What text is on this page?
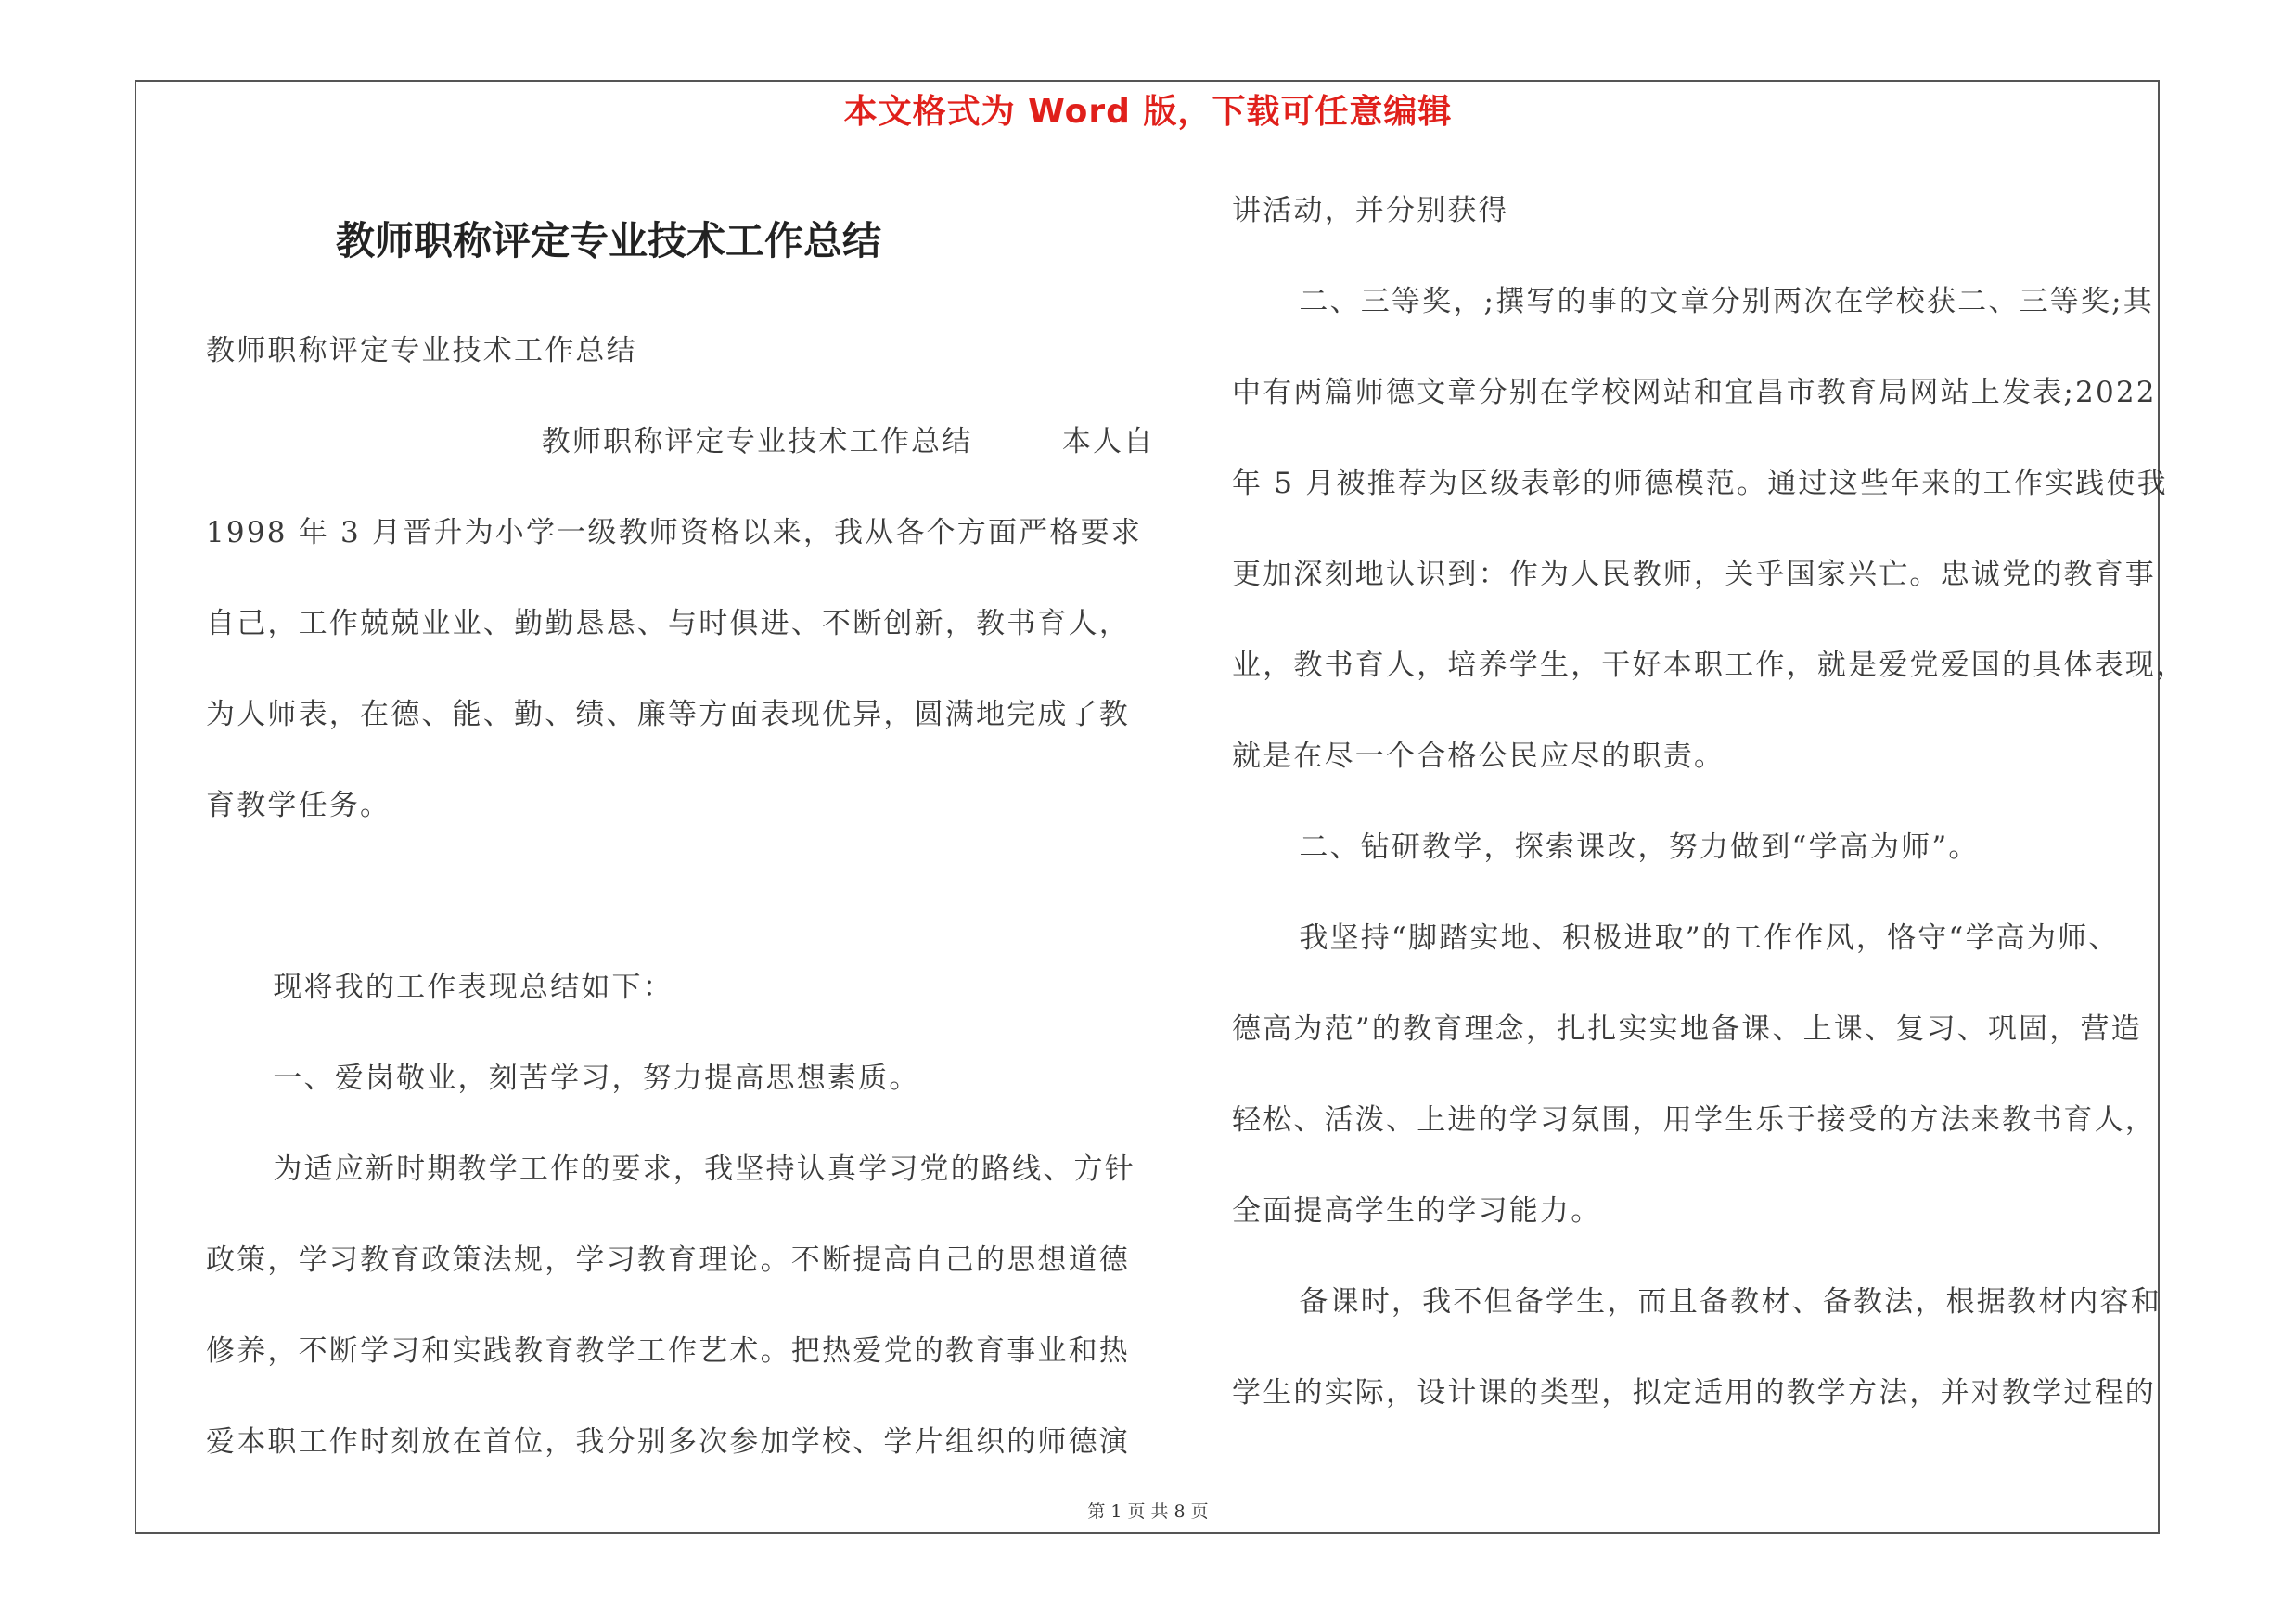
本文格式为 Word 版，下载可任意编辑
教师职称评定专业技术工作总结
教师职称评定专业技术工作总结
教师职称评定专业技术工作总结        本人自
1998 年 3 月晋升为小学一级教师资格以来，我从各个方面严格要求
自己，工作兢兢业业、勤勤恳恳、与时俱进、不断创新，教书育人，
为人师表，在德、能、勤、绩、廉等方面表现优异，圆满地完成了教
育教学任务。
现将我的工作表现总结如下：
一、爱岗敬业，刻苦学习，努力提高思想素质。
为适应新时期教学工作的要求，我坚持认真学习党的路线、方针
政策，学习教育政策法规，学习教育理论。不断提高自己的思想道德
修养，不断学习和实践教育教学工作艺术。把热爱党的教育事业和热
爱本职工作时刻放在首位，我分别多次参加学校、学片组织的师德演
讲活动，并分别获得
二、三等奖，;撰写的事的文章分别两次在学校获二、三等奖;其
中有两篇师德文章分别在学校网站和宜昌市教育局网站上发表;2022
年 5 月被推荐为区级表彰的师德模范。通过这些年来的工作实践使我
更加深刻地认识到：作为人民教师，关乎国家兴亡。忠诚党的教育事
业，教书育人，培养学生，干好本职工作，就是爱党爱国的具体表现，
就是在尽一个合格公民应尽的职责。
二、钻研教学，探索课改，努力做到“学高为师”。
我坚持“脚踏实地、积极进取”的工作作风，恪守“学高为师、
德高为范”的教育理念，扎扎实实地备课、上课、复习、巩固，营造
轻松、活泼、上进的学习氛围，用学生乐于接受的方法来教书育人，
全面提高学生的学习能力。
备课时，我不但备学生，而且备教材、备教法，根据教材内容和
学生的实际，设计课的类型，拟定适用的教学方法，并对教学过程的
第 1 页 共 8 页
